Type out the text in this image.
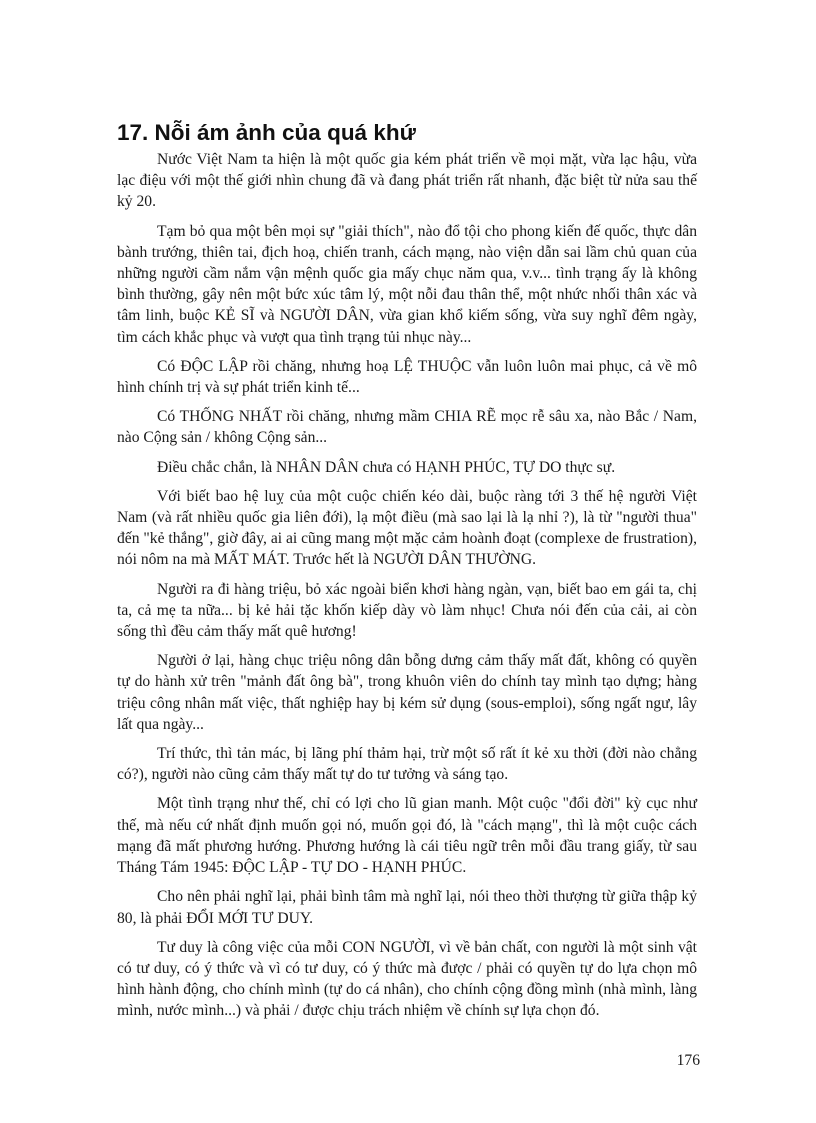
17. Nỗi ám ảnh của quá khứ

Nước Việt Nam ta hiện là một quốc gia kém phát triển về mọi mặt, vừa lạc hậu, vừa lạc điệu với một thế giới nhìn chung đã và đang phát triển rất nhanh, đặc biệt từ nửa sau thế kỷ 20.

Tạm bỏ qua một bên mọi sự "giải thích", nào đổ tội cho phong kiến đế quốc, thực dân bành trướng, thiên tai, địch hoạ, chiến tranh, cách mạng, nào viện dẫn sai lầm chủ quan của những người cầm nắm vận mệnh quốc gia mấy chục năm qua, v.v... tình trạng ấy là không bình thường, gây nên một bức xúc tâm lý, một nỗi đau thân thể, một nhức nhối thân xác và tâm linh, buộc KẺ SĨ và NGƯỜI DÂN, vừa gian khổ kiếm sống, vừa suy nghĩ đêm ngày, tìm cách khắc phục và vượt qua tình trạng tủi nhục này...

Có ĐỘC LẬP rồi chăng, nhưng hoạ LỆ THUỘC vẫn luôn luôn mai phục, cả về mô hình chính trị và sự phát triển kinh tế...

Có THỐNG NHẤT rồi chăng, nhưng mầm CHIA RẼ mọc rễ sâu xa, nào Bắc / Nam, nào Cộng sản / không Cộng sản...

Điều chắc chắn, là NHÂN DÂN chưa có HẠNH PHÚC, TỰ DO thực sự.

Với biết bao hệ luỵ của một cuộc chiến kéo dài, buộc ràng tới 3 thế hệ người Việt Nam (và rất nhiều quốc gia liên đới), lạ một điều (mà sao lại là lạ nhỉ ?), là từ "người thua" đến "kẻ thắng", giờ đây, ai ai cũng mang một mặc cảm hoành đoạt (complexe de frustration), nói nôm na mà MẤT MÁT. Trước hết là NGƯỜI DÂN THƯỜNG.

Người ra đi hàng triệu, bỏ xác ngoài biển khơi hàng ngàn, vạn, biết bao em gái ta, chị ta, cả mẹ ta nữa... bị kẻ hải tặc khốn kiếp dày vò làm nhục! Chưa nói đến của cải, ai còn sống thì đều cảm thấy mất quê hương!

Người ở lại, hàng chục triệu nông dân bỗng dưng cảm thấy mất đất, không có quyền tự do hành xử trên "mảnh đất ông bà", trong khuôn viên do chính tay mình tạo dựng; hàng triệu công nhân mất việc, thất nghiệp hay bị kém sử dụng (sous-emploi), sống ngất ngư, lây lất qua ngày...

Trí thức, thì tản mác, bị lãng phí thảm hại, trừ một số rất ít kẻ xu thời (đời nào chẳng có?), người nào cũng cảm thấy mất tự do tư tưởng và sáng tạo.

Một tình trạng như thế, chỉ có lợi cho lũ gian manh. Một cuộc "đổi đời" kỳ cục như thế, mà nếu cứ nhất định muốn gọi nó, muốn gọi đó, là "cách mạng", thì là một cuộc cách mạng đã mất phương hướng. Phương hướng là cái tiêu ngữ trên mỗi đầu trang giấy, từ sau Tháng Tám 1945: ĐỘC LẬP - TỰ DO - HẠNH PHÚC.

Cho nên phải nghĩ lại, phải bình tâm mà nghĩ lại, nói theo thời thượng từ giữa thập kỷ 80, là phải ĐỔI MỚI TƯ DUY.

Tư duy là công việc của mỗi CON NGƯỜI, vì về bản chất, con người là một sinh vật có tư duy, có ý thức và vì có tư duy, có ý thức mà được / phải có quyền tự do lựa chọn mô hình hành động, cho chính mình (tự do cá nhân), cho chính cộng đồng mình (nhà mình, làng mình, nước mình...) và phải / được chịu trách nhiệm về chính sự lựa chọn đó.

176
